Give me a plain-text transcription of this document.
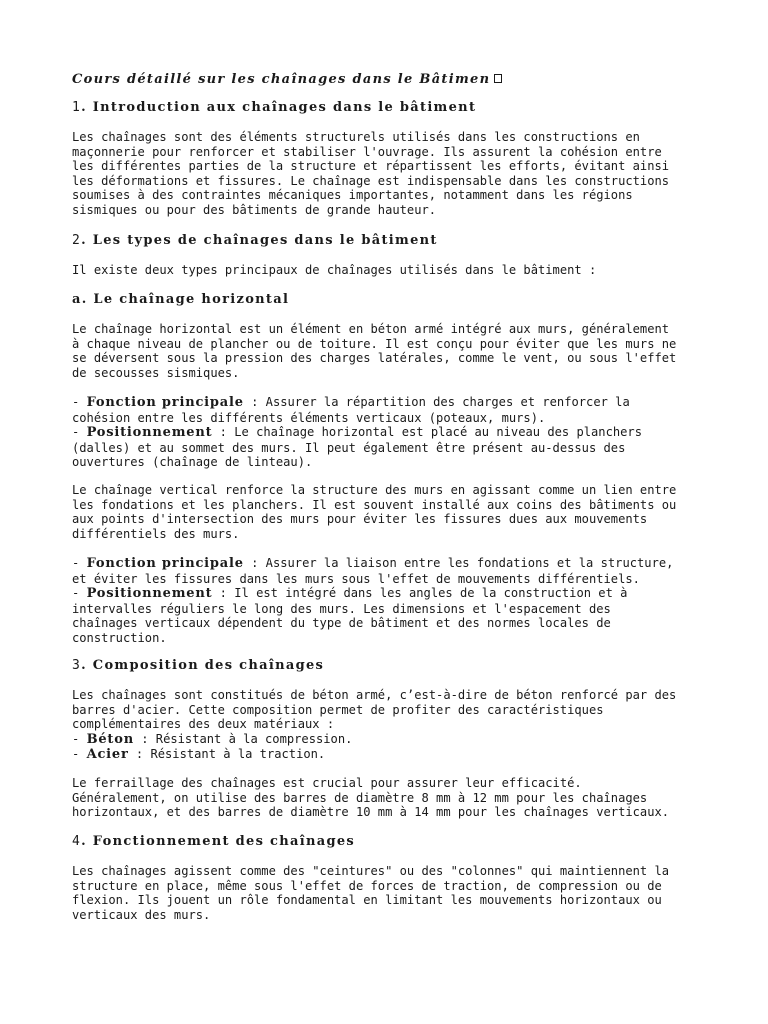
Cours détaillé sur les chaînages dans le Bâtimen
1. Introduction aux chaînages dans le bâtiment

Les chaînages sont des éléments structurels utilisés dans les constructions en

maçonnerie pour renforcer et stabiliser l'ouvrage. Ils assurent la cohésion entre

les différentes parties de la structure et répartissent les efforts, évitant ainsi

les déformations et fissures. Le chaînage est indispensable dans les constructions

soumises à des contraintes mécaniques importantes, notamment dans les régions

sismiques ou pour des bâtiments de grande hauteur.

2. Les types de chaînages dans le bâtiment

Il existe deux types principaux de chaînages utilisés dans le bâtiment :

a. Le chaînage horizontal

Le chaînage horizontal est un élément en béton armé intégré aux murs, généralement

à chaque niveau de plancher ou de toiture. Il est conçu pour éviter que les murs ne

se déversent sous la pression des charges latérales, comme le vent, ou sous l'effet

de secousses sismiques.

- Fonction principale : Assurer la répartition des charges et renforcer la

cohésion entre les différents éléments verticaux (poteaux, murs).

- Positionnement : Le chaînage horizontal est placé au niveau des planchers

(dalles) et au sommet des murs. Il peut également être présent au-dessus des

ouvertures (chaînage de linteau).

Le chaînage vertical renforce la structure des murs en agissant comme un lien entre

les fondations et les planchers. Il est souvent installé aux coins des bâtiments ou

aux points d'intersection des murs pour éviter les fissures dues aux mouvements

différentiels des murs.

- Fonction principale : Assurer la liaison entre les fondations et la structure,

et éviter les fissures dans les murs sous l'effet de mouvements différentiels.

- Positionnement : Il est intégré dans les angles de la construction et à

intervalles réguliers le long des murs. Les dimensions et l'espacement des

chaînages verticaux dépendent du type de bâtiment et des normes locales de

construction.

3. Composition des chaînages

Les chaînages sont constitués de béton armé, c’est-à-dire de béton renforcé par des

barres d'acier. Cette composition permet de profiter des caractéristiques

complémentaires des deux matériaux :

- Béton : Résistant à la compression.

- Acier : Résistant à la traction.

Le ferraillage des chaînages est crucial pour assurer leur efficacité.

Généralement, on utilise des barres de diamètre 8 mm à 12 mm pour les chaînages

horizontaux, et des barres de diamètre 10 mm à 14 mm pour les chaînages verticaux.

4. Fonctionnement des chaînages

Les chaînages agissent comme des "ceintures" ou des "colonnes" qui maintiennent la

structure en place, même sous l'effet de forces de traction, de compression ou de

flexion. Ils jouent un rôle fondamental en limitant les mouvements horizontaux ou

verticaux des murs.
